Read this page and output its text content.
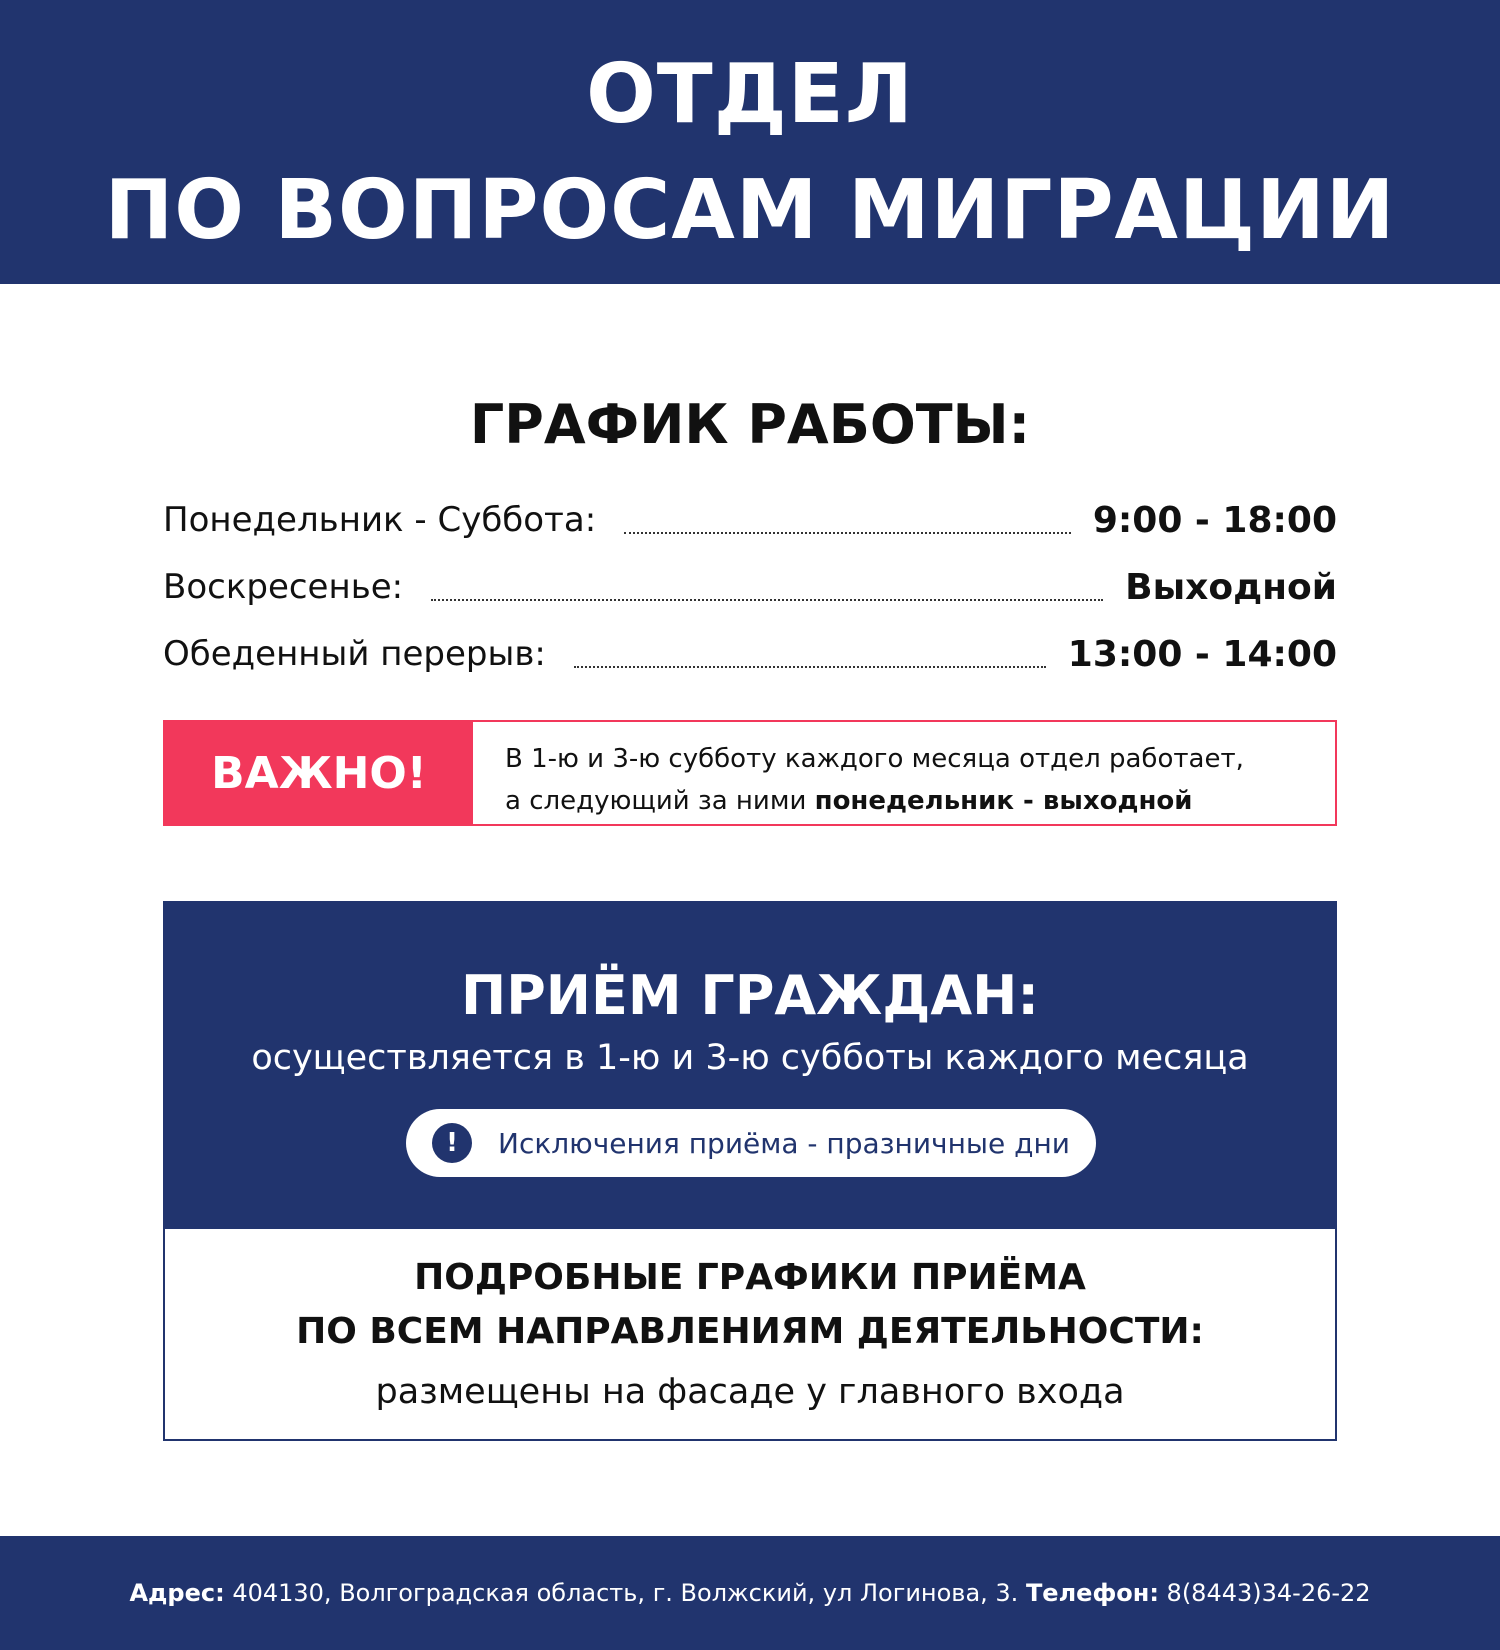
ОТДЕЛ
ПО ВОПРОСАМ МИГРАЦИИ
ГРАФИК РАБОТЫ:
Понедельник - Суббота:	9:00 - 18:00
Воскресенье:	Выходной
Обеденный перерыв:	13:00 - 14:00
ВАЖНО!	В 1-ю и 3-ю субботу каждого месяца отдел работает,
а следующий за ними понедельник - выходной
ПРИЁМ ГРАЖДАН:
осуществляется в 1-ю и 3-ю субботы каждого месяца
!	Исключения приёма - празничные дни
ПОДРОБНЫЕ ГРАФИКИ ПРИЁМА
ПО ВСЕМ НАПРАВЛЕНИЯМ ДЕЯТЕЛЬНОСТИ:
размещены на фасаде у главного входа
Адрес: 404130, Волгоградская область, г. Волжский, ул Логинова, 3. Телефон: 8(8443)34-26-22
